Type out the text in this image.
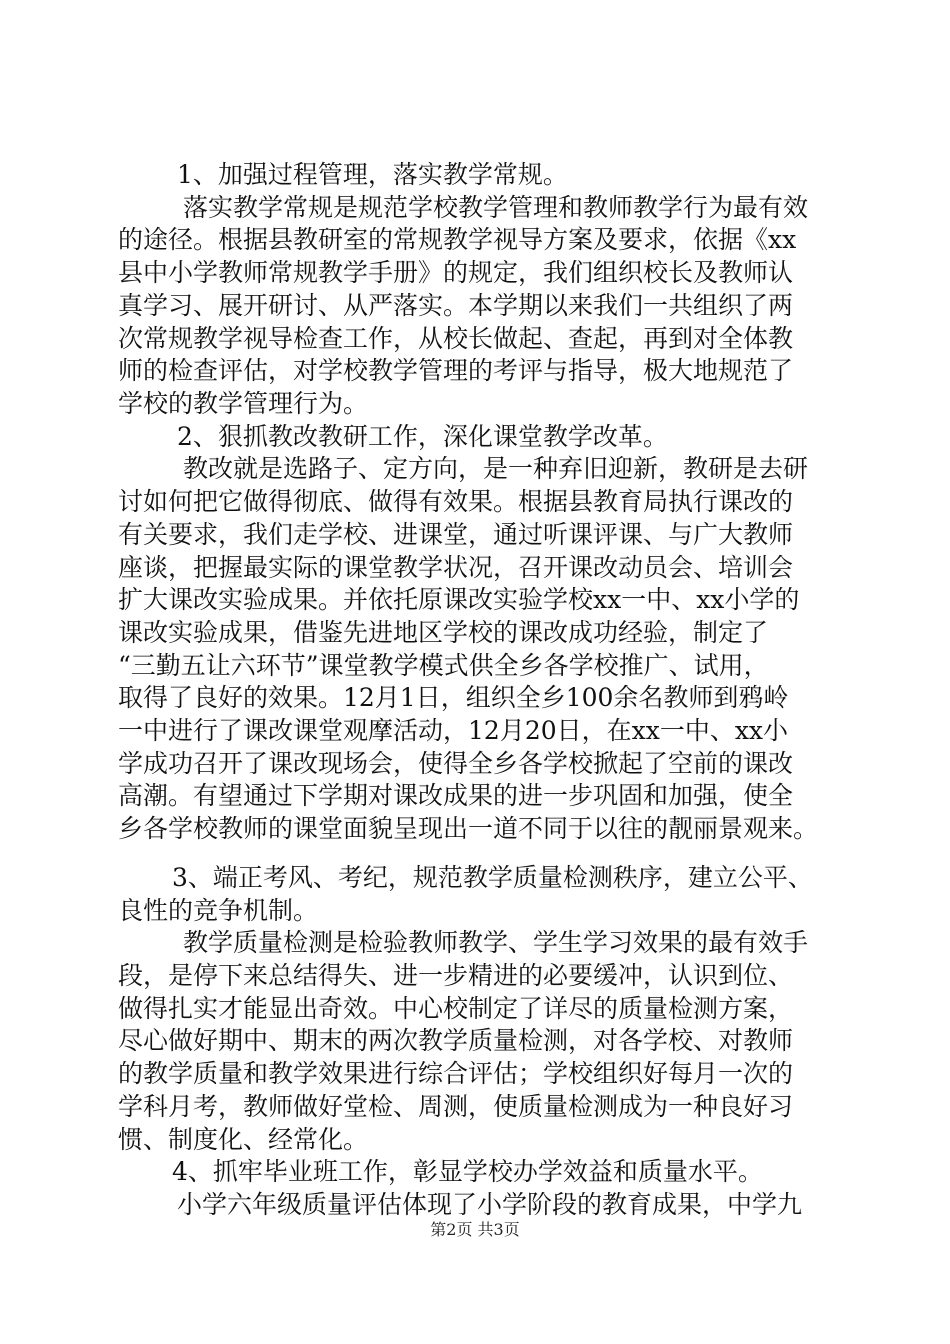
1、加强过程管理，落实教学常规。
落实教学常规是规范学校教学管理和教师教学行为最有效
的途径。根据县教研室的常规教学视导方案及要求，依据《xx
县中小学教师常规教学手册》的规定，我们组织校长及教师认
真学习、展开研讨、从严落实。本学期以来我们一共组织了两
次常规教学视导检查工作，从校长做起、查起，再到对全体教
师的检查评估，对学校教学管理的考评与指导，极大地规范了
学校的教学管理行为。
2、狠抓教改教研工作，深化课堂教学改革。
教改就是选路子、定方向，是一种弃旧迎新，教研是去研
讨如何把它做得彻底、做得有效果。根据县教育局执行课改的
有关要求，我们走学校、进课堂，通过听课评课、与广大教师
座谈，把握最实际的课堂教学状况，召开课改动员会、培训会
扩大课改实验成果。并依托原课改实验学校xx一中、xx小学的
课改实验成果，借鉴先进地区学校的课改成功经验，制定了
“三勤五让六环节”课堂教学模式供全乡各学校推广、试用，
取得了良好的效果。12月1日，组织全乡100余名教师到鸦岭
一中进行了课改课堂观摩活动，12月20日，在xx一中、xx小
学成功召开了课改现场会，使得全乡各学校掀起了空前的课改
高潮。有望通过下学期对课改成果的进一步巩固和加强，使全
乡各学校教师的课堂面貌呈现出一道不同于以往的靓丽景观来。
3、端正考风、考纪，规范教学质量检测秩序，建立公平、
良性的竞争机制。
教学质量检测是检验教师教学、学生学习效果的最有效手
段，是停下来总结得失、进一步精进的必要缓冲，认识到位、
做得扎实才能显出奇效。中心校制定了详尽的质量检测方案，
尽心做好期中、期末的两次教学质量检测，对各学校、对教师
的教学质量和教学效果进行综合评估；学校组织好每月一次的
学科月考，教师做好堂检、周测，使质量检测成为一种良好习
惯、制度化、经常化。
4、抓牢毕业班工作，彰显学校办学效益和质量水平。
小学六年级质量评估体现了小学阶段的教育成果，中学九
第2页 共3页
